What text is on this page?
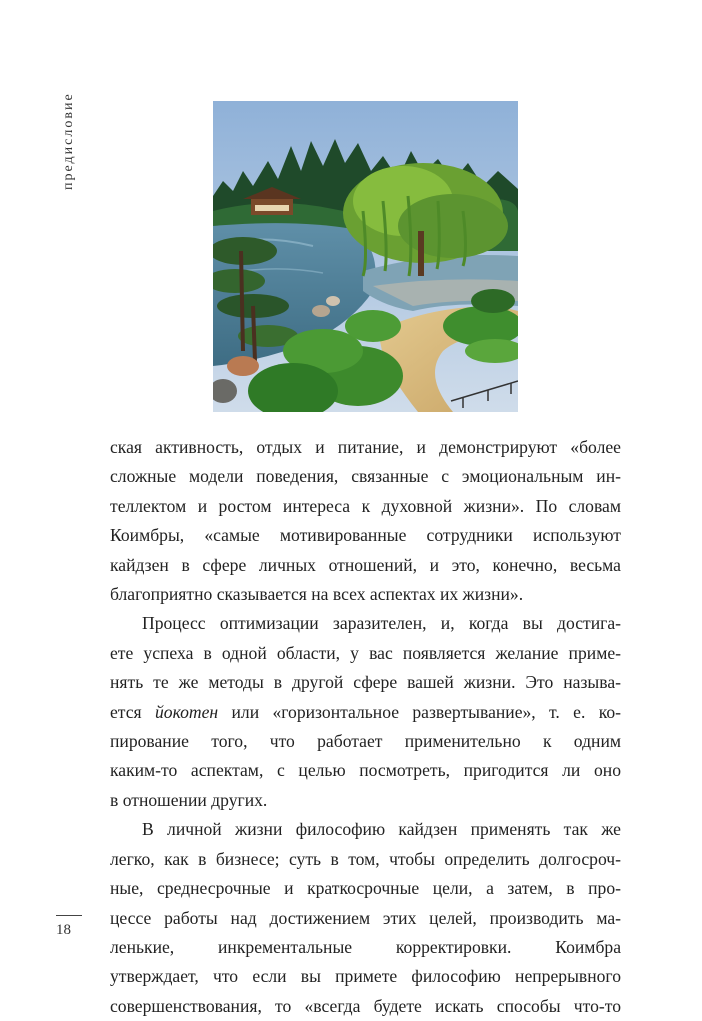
предисловие

ская активность, отдых и питание, и демонстрируют «более
сложные модели поведения, связанные с эмоциональным ин-
теллектом и ростом интереса к духовной жизни». По словам
Коимбры, «самые мотивированные сотрудники используют
кайдзен в сфере личных отношений, и это, конечно, весьма
благоприятно сказывается на всех аспектах их жизни».

Процесс оптимизации заразителен, и, когда вы достига-
ете успеха в одной области, у вас появляется желание приме-
нять те же методы в другой сфере вашей жизни. Это называ-
ется йокотен или «горизонтальное развертывание», т. е. ко-
пирование того, что работает применительно к одним
каким-то аспектам, с целью посмотреть, пригодится ли оно
в отношении других.

В личной жизни философию кайдзен применять так же
легко, как в бизнесе; суть в том, чтобы определить долгосроч-
ные, среднесрочные и краткосрочные цели, а затем, в про-
цессе работы над достижением этих целей, производить ма-
ленькие, инкрементальные корректировки. Коимбра
утверждает, что если вы примете философию непрерывного
совершенствования, то «всегда будете искать способы что-то

18
